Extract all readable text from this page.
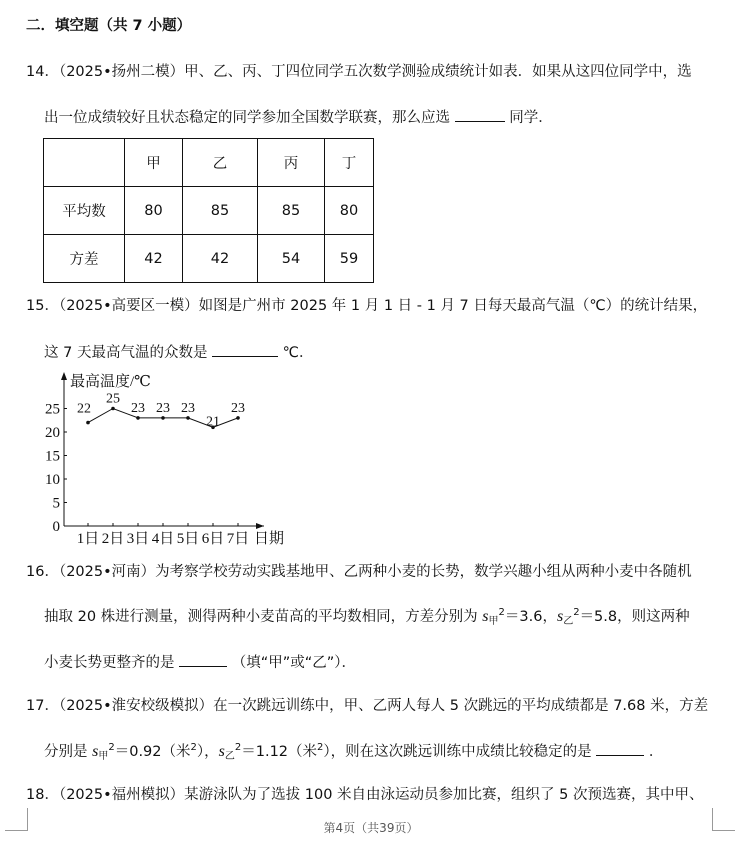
二．填空题（共 7 小题）
14．（2025•扬州二模）甲、乙、丙、丁四位同学五次数学测验成绩统计如表．如果从这四位同学中，选
出一位成绩较好且状态稳定的同学参加全国数学联赛，那么应选	同学．
	甲	乙	丙	丁
平均数	80	85	85	80
方差	42	42	54	59
15．（2025•高要区一模）如图是广州市 2025 年 1 月 1 日 - 1 月 7 日每天最高气温（℃）的统计结果，
这 7 天最高气温的众数是	℃．
最高温度/℃
0
5
10
15
20
25
1日 2日 3日 4日 5日 6日 7日 日期
22
25
23 23 23
21
23
16．（2025•河南）为考察学校劳动实践基地甲、乙两种小麦的长势，数学兴趣小组从两种小麦中各随机
抽取 20 株进行测量，测得两种小麦苗高的平均数相同，方差分别为 $s_甲^2=3.6$，$s_乙^2=5.8$，则这两种
小麦长势更整齐的是	（填“甲”或“乙”）．
17．（2025•淮安校级模拟）在一次跳远训练中，甲、乙两人每人 5 次跳远的平均成绩都是 7.68 米，方差
分别是 $s_甲^2=0.92$（米$^2$），$s_乙^2=1.12$（米$^2$），则在这次跳远训练中成绩比较稳定的是	．
18．（2025•福州模拟）某游泳队为了选拔 100 米自由泳运动员参加比赛，组织了 5 次预选赛，其中甲、
第4页（共39页）
